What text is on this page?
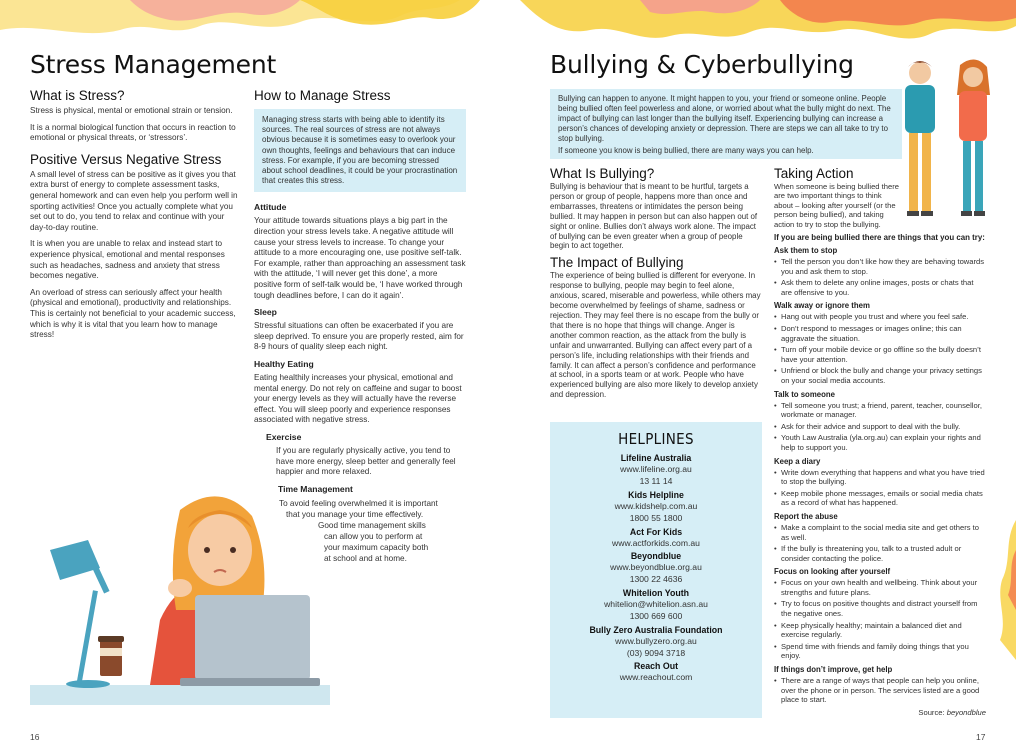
Stress Management
What is Stress?

Stress is physical, mental or emotional strain or tension.

It is a normal biological function that occurs in reaction to emotional or physical threats, or ‘stressors’.

Positive Versus Negative Stress

A small level of stress can be positive as it gives you that extra burst of energy to complete assessment tasks, general homework and can even help you perform well in sporting activities! Once you actually complete what you set out to do, you tend to relax and continue with your day-to-day routine.

It is when you are unable to relax and instead start to experience physical, emotional and mental responses such as headaches, sadness and anxiety that stress becomes negative.

An overload of stress can seriously affect your health (physical and emotional), productivity and relationships. This is certainly not beneficial to your academic success, which is why it is vital that you learn how to manage stress!

How to Manage Stress
Managing stress starts with being able to identify its sources. The real sources of stress are not always obvious because it is sometimes easy to overlook your own thoughts, feelings and behaviours that can induce stress. For example, if you are becoming stressed about school deadlines, it could be your procrastination that creates this stress.
Attitude

Your attitude towards situations plays a big part in the direction your stress levels take. A negative attitude will cause your stress levels to increase. To change your attitude to a more encouraging one, use positive self-talk. For example, rather than approaching an assessment task with the attitude, ‘I will never get this done’, a more positive form of self-talk would be, ‘I have worked through tough deadlines before, I can do it again’.

Sleep

Stressful situations can often be exacerbated if you are sleep deprived. To ensure you are properly rested, aim for 8-9 hours of quality sleep each night.

Healthy Eating

Eating healthily increases your physical, emotional and mental energy. Do not rely on caffeine and sugar to boost your energy levels as they will actually have the reverse effect. You will sleep poorly and experience responses associated with negative stress.

Exercise

If you are regularly physically active, you tend to have more energy, sleep better and generally feel happier and more relaxed.

Time Management
To avoid feeling overwhelmed it is important
that you manage your time effectively.
Good time management skills
can allow you to perform at
your maximum capacity both
at school and at home.
16
Bullying & Cyberbullying
Bullying can happen to anyone. It might happen to you, your friend or someone online. People being bullied often feel powerless and alone, or worried about what the bully might do next. The impact of bullying can last longer than the bullying itself. Experiencing bullying can increase a person’s chances of developing anxiety or depression. There are steps we can all take to try to stop bullying.
If someone you know is being bullied, there are many ways you can help.
What Is Bullying?

Bullying is behaviour that is meant to be hurtful, targets a person or group of people, happens more than once and embarrasses, threatens or intimidates the person being bullied. It may happen in person but can also happen out of sight or online. Bullies don’t always work alone. The impact of bullying can be even greater when a group of people begin to act together.

The Impact of Bullying

The experience of being bullied is different for everyone. In response to bullying, people may begin to feel alone, anxious, scared, miserable and powerless, while others may become overwhelmed by feelings of shame, sadness or rejection. They may feel there is no escape from the bully or that there is no hope that things will change. Anger is another common reaction, as the attack from the bully is unfair and unwarranted. Bullying can affect every part of a person’s life, including relationships with their friends and family. It can affect a person’s confidence and performance at school, in a sports team or at work. People who have experienced bullying are also more likely to develop anxiety and depression.

HELPLINES
Lifeline Australia
www.lifeline.org.au
13 11 14
Kids Helpline
www.kidshelp.com.au
1800 55 1800
Act For Kids
www.actforkids.com.au
Beyondblue
www.beyondblue.org.au
1300 22 4636
Whitelion Youth
whitelion@whitelion.asn.au
1300 669 600
Bully Zero Australia Foundation
www.bullyzero.org.au
(03) 9094 3718
Reach Out
www.reachout.com
Taking Action

When someone is being bullied there are two important things to think about – looking after yourself (or the person being bullied), and taking action to try to stop the bullying.

If you are being bullied there are things that you can try:
Ask them to stop
• Tell the person you don’t like how they are behaving towards you and ask them to stop.
• Ask them to delete any online images, posts or chats that are offensive to you.
Walk away or ignore them
• Hang out with people you trust and where you feel safe.
• Don’t respond to messages or images online; this can aggravate the situation.
• Turn off your mobile device or go offline so the bully doesn’t have your attention.
• Unfriend or block the bully and change your privacy settings on your social media accounts.
Talk to someone
• Tell someone you trust; a friend, parent, teacher, counsellor, workmate or manager.
• Ask for their advice and support to deal with the bully.
• Youth Law Australia (yla.org.au) can explain your rights and help to support you.
Keep a diary
• Write down everything that happens and what you have tried to stop the bullying.
• Keep mobile phone messages, emails or social media chats as a record of what has happened.
Report the abuse
• Make a complaint to the social media site and get others to as well.
• If the bully is threatening you, talk to a trusted adult or consider contacting the police.
Focus on looking after yourself
• Focus on your own health and wellbeing. Think about your strengths and future plans.
• Try to focus on positive thoughts and distract yourself from the negative ones.
• Keep physically healthy; maintain a balanced diet and exercise regularly.
• Spend time with friends and family doing things that you enjoy.
If things don’t improve, get help
• There are a range of ways that people can help you online, over the phone or in person. The services listed are a good place to start.
Source: beyondblue
17
